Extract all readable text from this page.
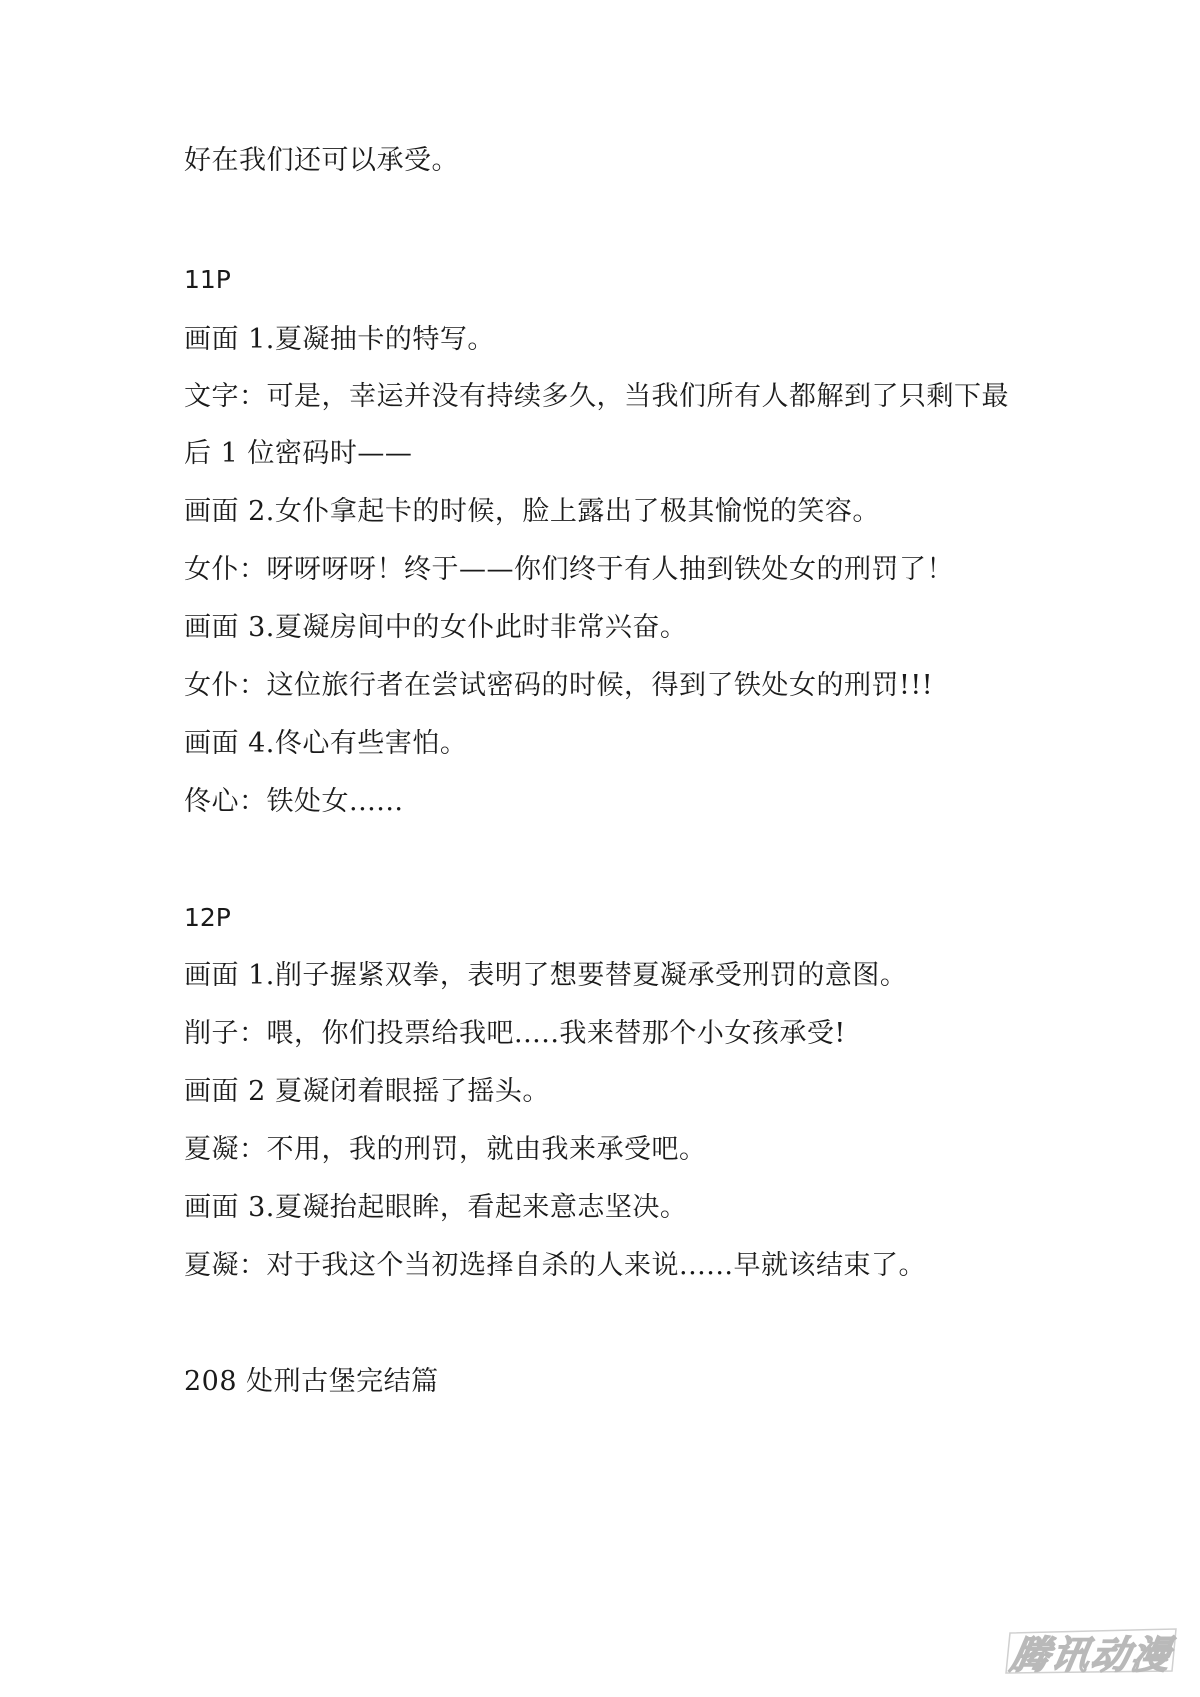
好在我们还可以承受。

11P

画面 1.夏凝抽卡的特写。

文字：可是，幸运并没有持续多久，当我们所有人都解到了只剩下最

后 1 位密码时——

画面 2.女仆拿起卡的时候，脸上露出了极其愉悦的笑容。

女仆：呀呀呀呀！终于——你们终于有人抽到铁处女的刑罚了！

画面 3.夏凝房间中的女仆此时非常兴奋。

女仆：这位旅行者在尝试密码的时候，得到了铁处女的刑罚!!!

画面 4.佟心有些害怕。

佟心：铁处女......

12P

画面 1.削子握紧双拳，表明了想要替夏凝承受刑罚的意图。

削子：喂，你们投票给我吧.....我来替那个小女孩承受!

画面 2 夏凝闭着眼摇了摇头。

夏凝：不用，我的刑罚，就由我来承受吧。

画面 3.夏凝抬起眼眸，看起来意志坚决。

夏凝：对于我这个当初选择自杀的人来说......早就该结束了。

208 处刑古堡完结篇

腾讯动漫
